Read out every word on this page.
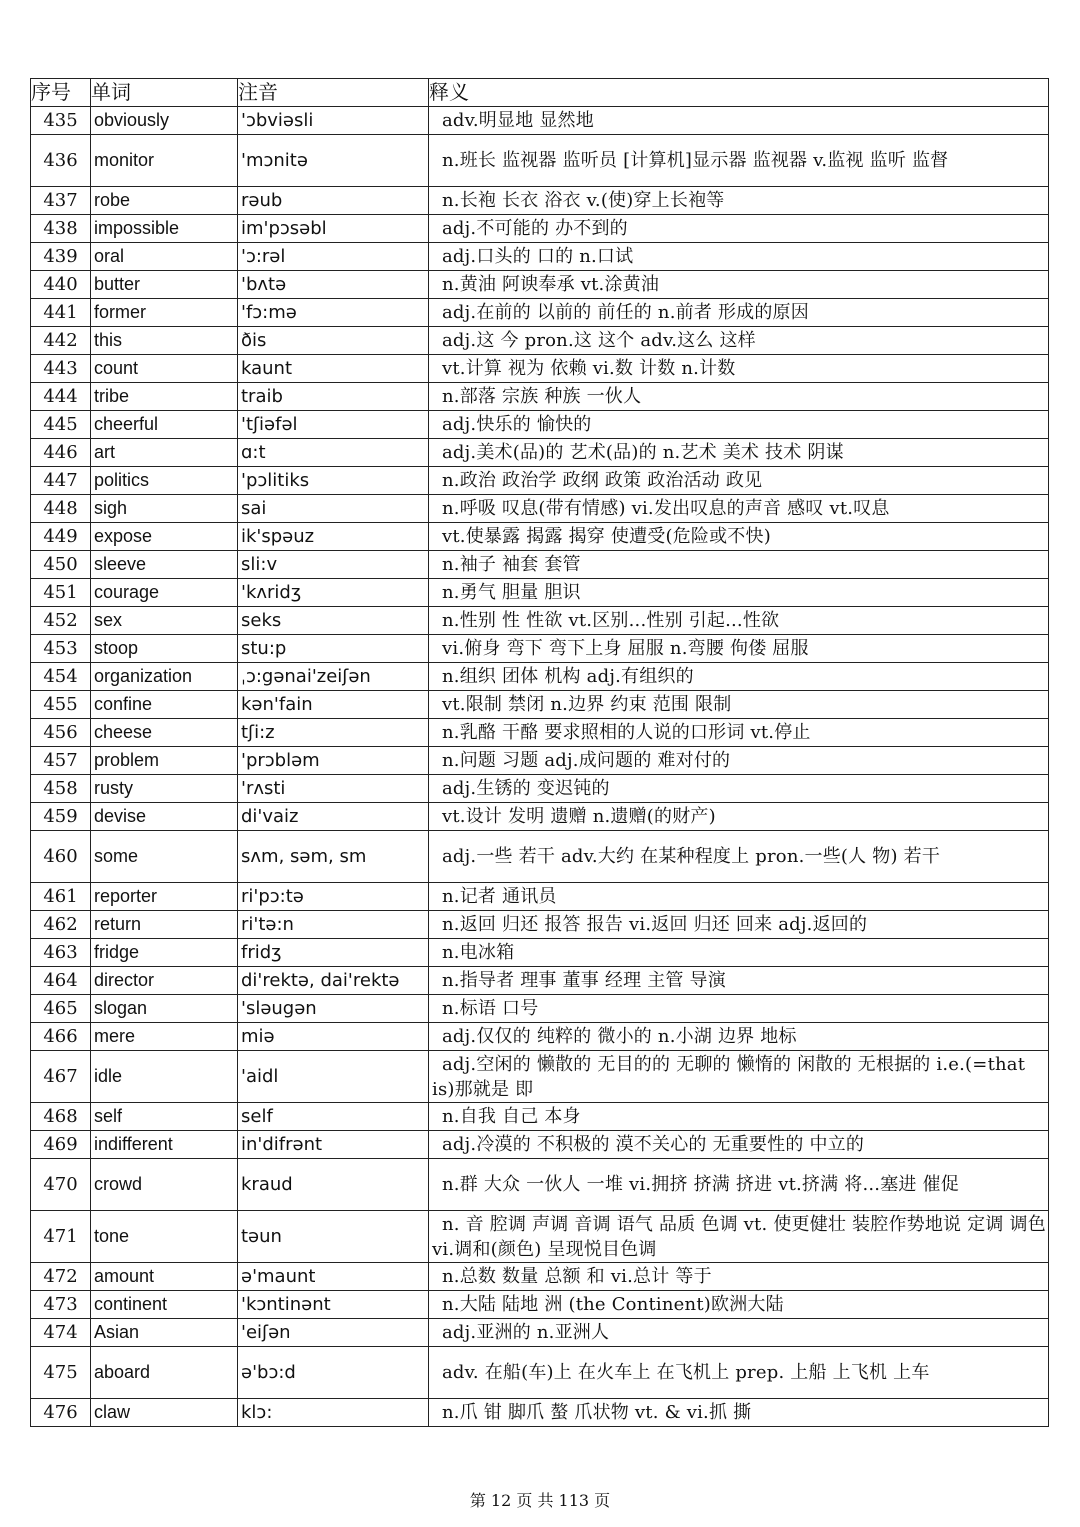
序号	单词	注音	释义
435	obviously	'ɔbviəsli	adv.明显地 显然地

436	monitor	'mɔnitə	n.班长 监视器 监听员 [计算机]显示器 监视器 v.监视 监听 监督

437	robe	rəub	n.长袍 长衣 浴衣 v.(使)穿上长袍等

438	impossible	im'pɔsəbl	adj.不可能的 办不到的

439	oral	'ɔ:rəl	adj.口头的 口的 n.口试

440	butter	'bʌtə	n.黄油 阿谀奉承 vt.涂黄油

441	former	'fɔ:mə	adj.在前的 以前的 前任的 n.前者 形成的原因

442	this	ðis	adj.这 今 pron.这 这个 adv.这么 这样

443	count	kaunt	vt.计算 视为 依赖 vi.数 计数 n.计数

444	tribe	traib	n.部落 宗族 种族 一伙人

445	cheerful	'tʃiəfəl	adj.快乐的 愉快的

446	art	ɑ:t	adj.美术(品)的 艺术(品)的 n.艺术 美术 技术 阴谋

447	politics	'pɔlitiks	n.政治 政治学 政纲 政策 政治活动 政见

448	sigh	sai	n.呼吸 叹息(带有情感) vi.发出叹息的声音 感叹 vt.叹息

449	expose	ik'spəuz	vt.使暴露 揭露 揭穿 使遭受(危险或不快)

450	sleeve	sli:v	n.袖子 袖套 套管

451	courage	'kʌridʒ	n.勇气 胆量 胆识

452	sex	seks	n.性别 性 性欲 vt.区别...性别 引起...性欲

453	stoop	stu:p	vi.俯身 弯下 弯下上身 屈服 n.弯腰 佝偻 屈服

454	organization	ˌɔ:gənai'zeiʃən	n.组织 团体 机构 adj.有组织的

455	confine	kən'fain	vt.限制 禁闭 n.边界 约束 范围 限制

456	cheese	tʃi:z	n.乳酪 干酪 要求照相的人说的口形词 vt.停止

457	problem	'prɔbləm	n.问题 习题 adj.成问题的 难对付的

458	rusty	'rʌsti	adj.生锈的 变迟钝的

459	devise	di'vaiz	vt.设计 发明 遗赠 n.遗赠(的财产)

460	some	sʌm, səm, sm	adj.一些 若干 adv.大约 在某种程度上 pron.一些(人 物) 若干

461	reporter	ri'pɔ:tə	n.记者 通讯员

462	return	ri'tə:n	n.返回 归还 报答 报告 vi.返回 归还 回来 adj.返回的

463	fridge	fridʒ	n.电冰箱

464	director	di'rektə, dai'rektə	n.指导者 理事 董事 经理 主管 导演

465	slogan	'sləugən	n.标语 口号

466	mere	miə	adj.仅仅的 纯粹的 微小的 n.小湖 边界 地标

467	idle	'aidl	adj.空闲的 懒散的 无目的的 无聊的 懒惰的 闲散的 无根据的 i.e.(=that is)那就是 即

468	self	self	n.自我 自己 本身

469	indifferent	in'difrənt	adj.冷漠的 不积极的 漠不关心的 无重要性的 中立的

470	crowd	kraud	n.群 大众 一伙人 一堆 vi.拥挤 挤满 挤进 vt.挤满 将...塞进 催促

471	tone	təun	n. 音 腔调 声调 音调 语气 品质 色调 vt. 使更健壮 装腔作势地说 定调 调色 vi.调和(颜色) 呈现悦目色调

472	amount	ə'maunt	n.总数 数量 总额 和 vi.总计 等于

473	continent	'kɔntinənt	n.大陆 陆地 洲 (the Continent)欧洲大陆

474	Asian	'eiʃən	adj.亚洲的 n.亚洲人

475	aboard	ə'bɔ:d	adv. 在船(车)上 在火车上 在飞机上 prep. 上船 上飞机 上车

476	claw	klɔ:	n.爪 钳 脚爪 螯 爪状物 vt. & vi.抓 撕
第 12 页 共 113 页
